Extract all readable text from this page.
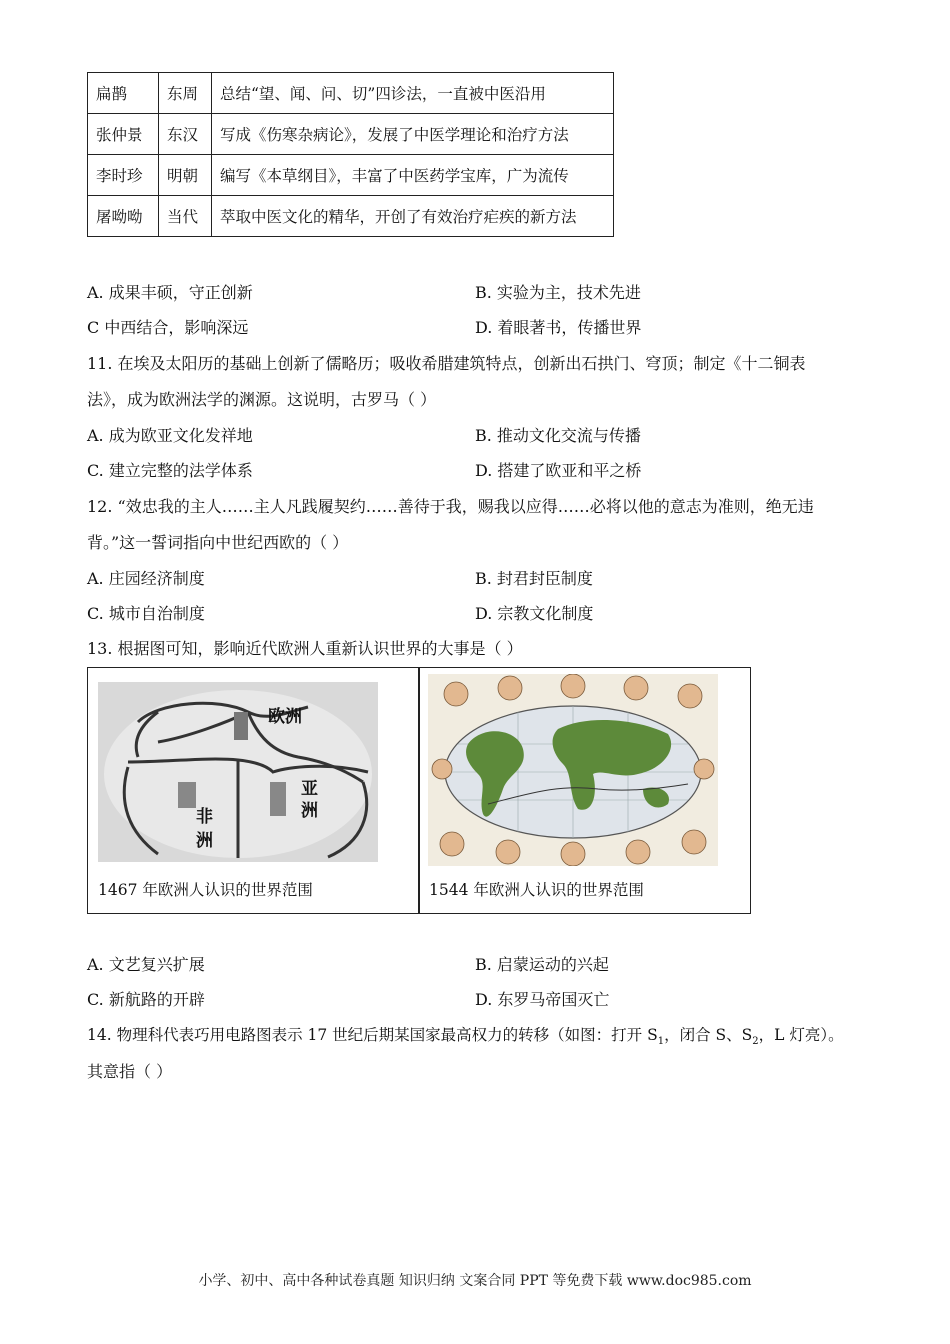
扁鹊	东周	总结“望、闻、问、切”四诊法，一直被中医沿用
张仲景	东汉	写成《伤寒杂病论》，发展了中医学理论和治疗方法
李时珍	明朝	编写《本草纲目》，丰富了中医药学宝库，广为流传
屠呦呦	当代	萃取中医文化的精华，开创了有效治疗疟疾的新方法
A. 成果丰硕，守正创新	B. 实验为主，技术先进
C 中西结合，影响深远	D. 着眼著书，传播世界
11. 在埃及太阳历的基础上创新了儒略历；吸收希腊建筑特点，创新出石拱门、穹顶；制定《十二铜表
法》，成为欧洲法学的渊源。这说明，古罗马（ ）
A. 成为欧亚文化发祥地	B. 推动文化交流与传播
C. 建立完整的法学体系	D. 搭建了欧亚和平之桥
12. “效忠我的主人……主人凡践履契约……善待于我，赐我以应得……必将以他的意志为准则，绝无违
背。”这一誓词指向中世纪西欧的（ ）
A. 庄园经济制度	B. 封君封臣制度
C. 城市自治制度	D. 宗教文化制度
13. 根据图可知，影响近代欧洲人重新认识世界的大事是（ ）
欧洲
亚
洲
非
洲
1467 年欧洲人认识的世界范围	1544 年欧洲人认识的世界范围
A. 文艺复兴扩展	B. 启蒙运动的兴起
C. 新航路的开辟	D. 东罗马帝国灭亡
14. 物理科代表巧用电路图表示 17 世纪后期某国家最高权力的转移（如图：打开 $S_1$，闭合 S、$S_2$，L 灯亮）。
其意指（ ）
小学、初中、高中各种试卷真题 知识归纳 文案合同 PPT 等免费下载 www.doc985.com
